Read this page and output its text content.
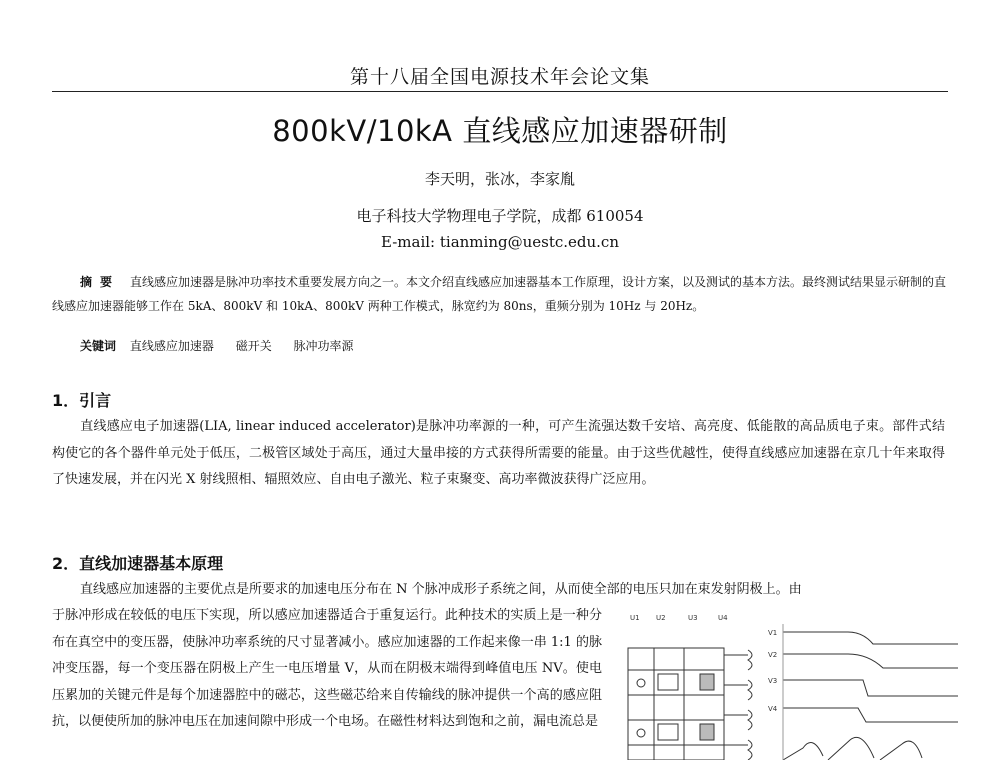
第十八届全国电源技术年会论文集
800kV/10kA 直线感应加速器研制
李天明，张冰，李家胤
电子科技大学物理电子学院，成都 610054
E-mail: tianming@uestc.edu.cn
摘要 直线感应加速器是脉冲功率技术重要发展方向之一。本文介绍直线感应加速器基本工作原理，设计方案，以及测试的基本方法。最终测试结果显示研制的直线感应加速器能够工作在 5kA、800kV 和 10kA、800kV 两种工作模式，脉宽约为 80ns，重频分别为 10Hz 与 20Hz。
关键词 直线感应加速器 磁开关 脉冲功率源
1．引言
直线感应电子加速器(LIA, linear induced accelerator)是脉冲功率源的一种，可产生流强达数千安培、高亮度、低能散的高品质电子束。部件式结构使它的各个器件单元处于低压，二极管区域处于高压，通过大量串接的方式获得所需要的能量。由于这些优越性，使得直线感应加速器在京几十年来取得了快速发展，并在闪光 X 射线照相、辐照效应、自由电子激光、粒子束聚变、高功率微波获得广泛应用。
2．直线加速器基本原理
直线感应加速器的主要优点是所要求的加速电压分布在 N 个脉冲成形子系统之间，从而使全部的电压只加在束发射阴极上。由
于脉冲形成在较低的电压下实现，所以感应加速器适合于重复运行。此种技术的实质上是一种分布在真空中的变压器，使脉冲功率系统的尺寸显著减小。感应加速器的工作起来像一串 1:1 的脉冲变压器，每一个变压器在阴极上产生一电压增量 V，从而在阴极末端得到峰值电压 NV。使电压累加的关键元件是每个加速器腔中的磁芯，这些磁芯给来自传输线的脉冲提供一个高的感应阻抗，以便使所加的脉冲电压在加速间隙中形成一个电场。在磁性材料达到饱和之前，漏电流总是
U1 U2	U3	U4
V1
V2
V3
V4
